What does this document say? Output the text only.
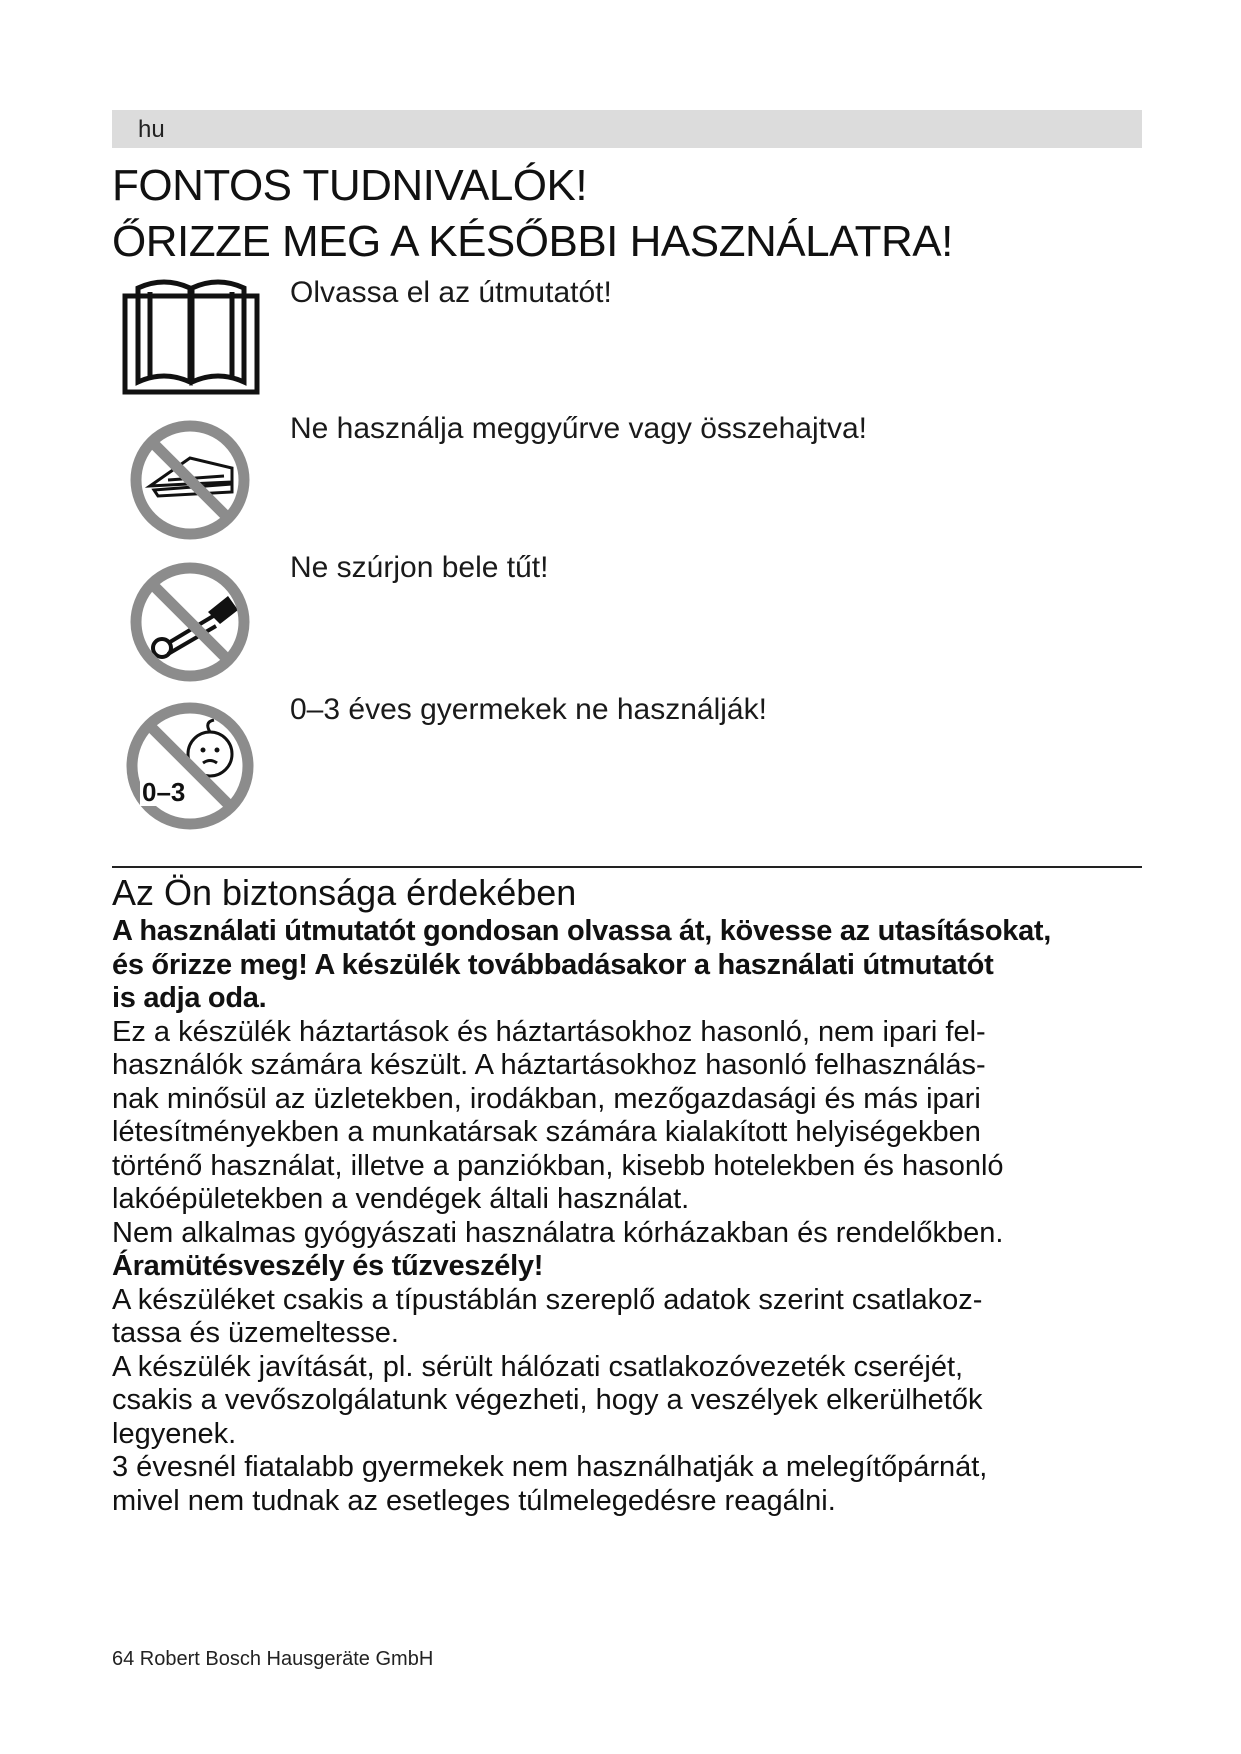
hu
FONTOS TUDNIVALÓK!
ŐRIZZE MEG A KÉSŐBBI HASZNÁLATRA!
Olvassa el az útmutatót!
Ne használja meggyűrve vagy összehajtva!
Ne szúrjon bele tűt!
0–3
0–3 éves gyermekek ne használják!
Az Ön biztonsága érdekében

A használati útmutatót gondosan olvassa át, kövesse az utasításokat,

és őrizze meg! A készülék továbbadásakor a használati útmutatót

is adja oda.

Ez a készülék háztartások és háztartásokhoz hasonló, nem ipari fel-

használók számára készült. A háztartásokhoz hasonló felhasználás-

nak minősül az üzletekben, irodákban, mezőgazdasági és más ipari

létesítményekben a munkatársak számára kialakított helyiségekben

történő használat, illetve a panziókban, kisebb hotelekben és hasonló

lakóépületekben a vendégek általi használat.

Nem alkalmas gyógyászati használatra kórházakban és rendelőkben.

Áramütésveszély és tűzveszély!

A készüléket csakis a típustáblán szereplő adatok szerint csatlakoz-

tassa és üzemeltesse.

A készülék javítását, pl. sérült hálózati csatlakozóvezeték cseréjét,

csakis a vevőszolgálatunk végezheti, hogy a veszélyek elkerülhetők

legyenek.

3 évesnél fiatalabb gyermekek nem használhatják a melegítőpárnát,

mivel nem tudnak az esetleges túlmelegedésre reagálni.

64 Robert Bosch Hausgeräte GmbH
